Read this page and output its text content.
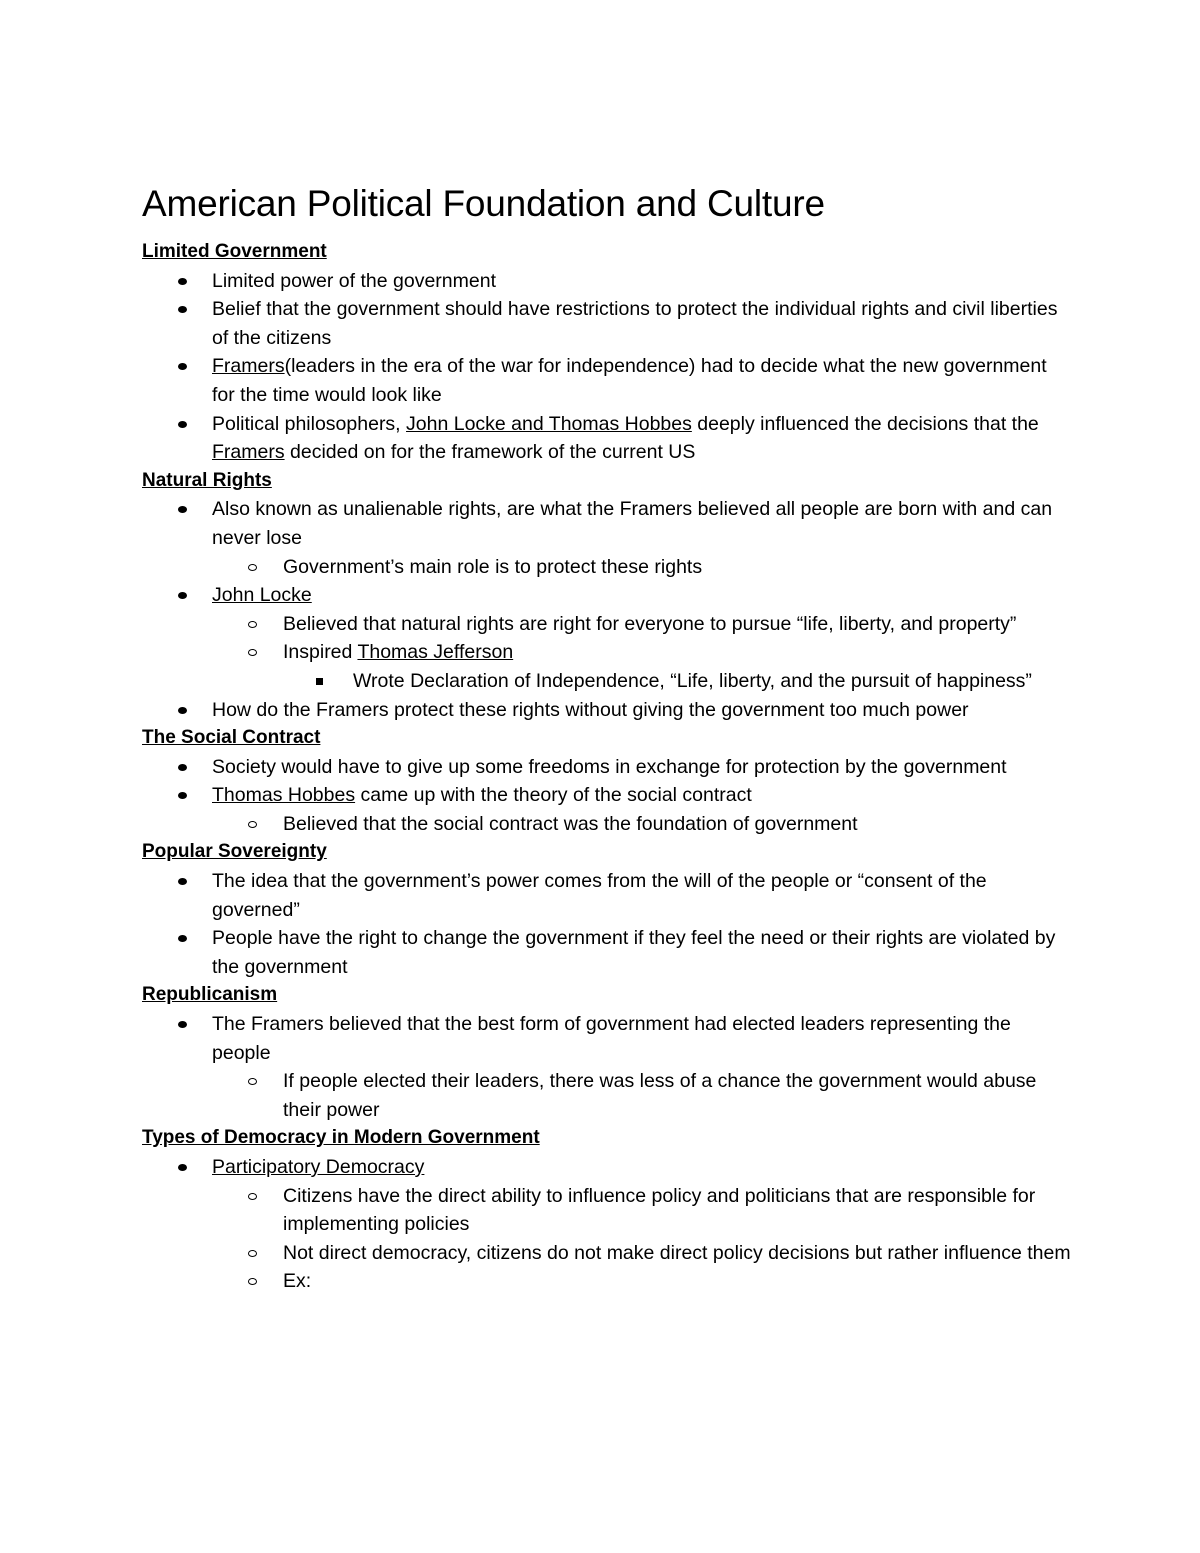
American Political Foundation and Culture
Limited Government
Limited power of the government
Belief that the government should have restrictions to protect the individual rights and civil liberties of the citizens
Framers(leaders in the era of the war for independence) had to decide what the new government for the time would look like
Political philosophers, John Locke and Thomas Hobbes deeply influenced the decisions that the Framers decided on for the framework of the current US
Natural Rights
Also known as unalienable rights, are what the Framers believed all people are born with and can never lose
Government’s main role is to protect these rights
John Locke
Believed that natural rights are right for everyone to pursue “life, liberty, and property”
Inspired Thomas Jefferson
Wrote Declaration of Independence, “Life, liberty, and the pursuit of happiness”
How do the Framers protect these rights without giving the government too much power
The Social Contract
Society would have to give up some freedoms in exchange for protection by the government
Thomas Hobbes came up with the theory of the social contract
Believed that the social contract was the foundation of government
Popular Sovereignty
The idea that the government’s power comes from the will of the people or “consent of the governed”
People have the right to change the government if they feel the need or their rights are violated by the government
Republicanism
The Framers believed that the best form of government had elected leaders representing the people
If people elected their leaders, there was less of a chance the government would abuse their power
Types of Democracy in Modern Government
Participatory Democracy
Citizens have the direct ability to influence policy and politicians that are responsible for implementing policies
Not direct democracy, citizens do not make direct policy decisions but rather influence them
Ex:
